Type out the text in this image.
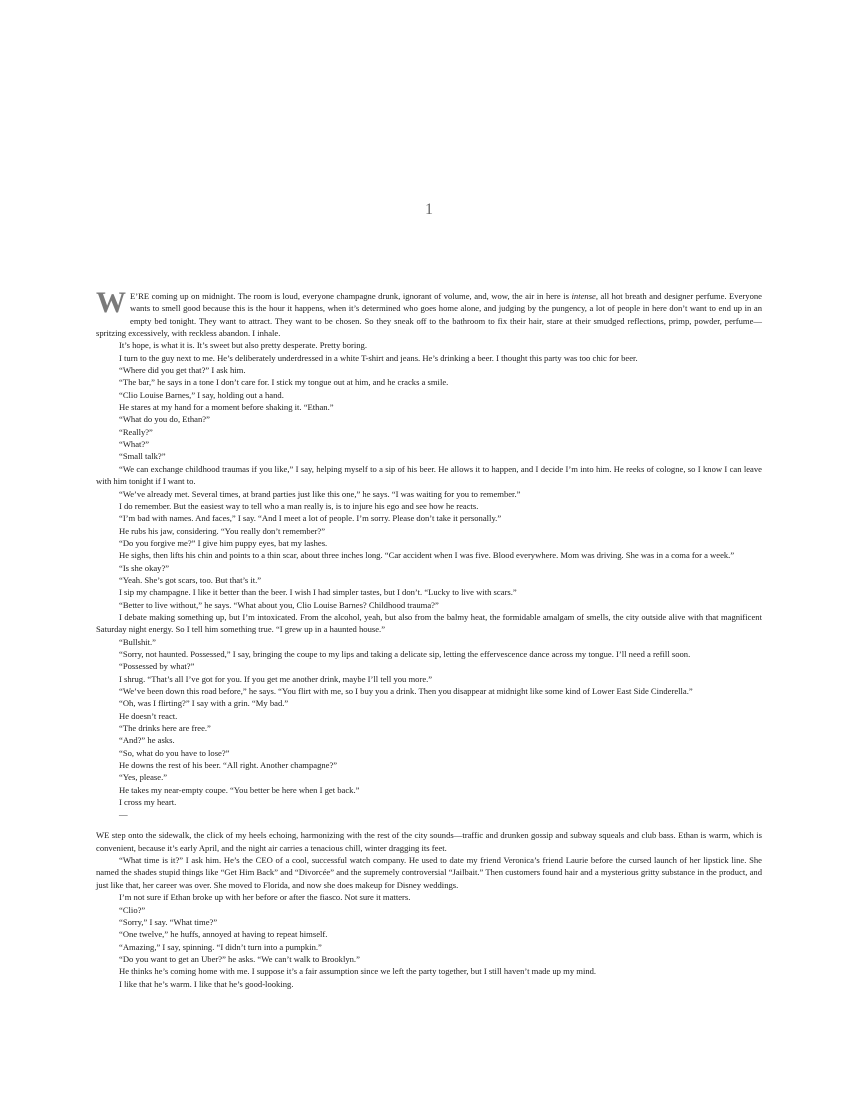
1

W E’RE coming up on midnight. The room is loud, everyone champagne drunk, ignorant of volume, and, wow, the air in here is intense, all hot breath and designer perfume. Everyone wants to smell good because this is the hour it happens, when it’s determined who goes home alone, and judging by the pungency, a lot of people in here don’t want to end up in an empty bed tonight. They want to attract. They want to be chosen. So they sneak off to the bathroom to fix their hair, stare at their smudged reflections, primp, powder, perfume—spritzing excessively, with reckless abandon. I inhale.

It’s hope, is what it is. It’s sweet but also pretty desperate. Pretty boring.

I turn to the guy next to me. He’s deliberately underdressed in a white T-shirt and jeans. He’s drinking a beer. I thought this party was too chic for beer.

“Where did you get that?” I ask him.

“The bar,” he says in a tone I don’t care for. I stick my tongue out at him, and he cracks a smile.

“Clio Louise Barnes,” I say, holding out a hand.

He stares at my hand for a moment before shaking it. “Ethan.”

“What do you do, Ethan?”

“Really?”

“What?”

“Small talk?”

“We can exchange childhood traumas if you like,” I say, helping myself to a sip of his beer. He allows it to happen, and I decide I’m into him. He reeks of cologne, so I know I can leave with him tonight if I want to.

“We’ve already met. Several times, at brand parties just like this one,” he says. “I was waiting for you to remember.”

I do remember. But the easiest way to tell who a man really is, is to injure his ego and see how he reacts.

“I’m bad with names. And faces,” I say. “And I meet a lot of people. I’m sorry. Please don’t take it personally.”

He rubs his jaw, considering. “You really don’t remember?”

“Do you forgive me?” I give him puppy eyes, bat my lashes.

He sighs, then lifts his chin and points to a thin scar, about three inches long. “Car accident when I was five. Blood everywhere. Mom was driving. She was in a coma for a week.”

“Is she okay?”

“Yeah. She’s got scars, too. But that’s it.”

I sip my champagne. I like it better than the beer. I wish I had simpler tastes, but I don’t. “Lucky to live with scars.”

“Better to live without,” he says. “What about you, Clio Louise Barnes? Childhood trauma?”

I debate making something up, but I’m intoxicated. From the alcohol, yeah, but also from the balmy heat, the formidable amalgam of smells, the city outside alive with that magnificent Saturday night energy. So I tell him something true. “I grew up in a haunted house.”

“Bullshit.”

“Sorry, not haunted. Possessed,” I say, bringing the coupe to my lips and taking a delicate sip, letting the effervescence dance across my tongue. I’ll need a refill soon.

“Possessed by what?”

I shrug. “That’s all I’ve got for you. If you get me another drink, maybe I’ll tell you more.”

“We’ve been down this road before,” he says. “You flirt with me, so I buy you a drink. Then you disappear at midnight like some kind of Lower East Side Cinderella.”

“Oh, was I flirting?” I say with a grin. “My bad.”

He doesn’t react.

“The drinks here are free.”

“And?” he asks.

“So, what do you have to lose?”

He downs the rest of his beer. “All right. Another champagne?”

“Yes, please.”

He takes my near-empty coupe. “You better be here when I get back.”

I cross my heart.

—

WE step onto the sidewalk, the click of my heels echoing, harmonizing with the rest of the city sounds—traffic and drunken gossip and subway squeals and club bass. Ethan is warm, which is convenient, because it’s early April, and the night air carries a tenacious chill, winter dragging its feet.

“What time is it?” I ask him. He’s the CEO of a cool, successful watch company. He used to date my friend Veronica’s friend Laurie before the cursed launch of her lipstick line. She named the shades stupid things like “Get Him Back” and “Divorcée” and the supremely controversial “Jailbait.” Then customers found hair and a mysterious gritty substance in the product, and just like that, her career was over. She moved to Florida, and now she does makeup for Disney weddings.

I’m not sure if Ethan broke up with her before or after the fiasco. Not sure it matters.

“Clio?”

“Sorry,” I say. “What time?”

“One twelve,” he huffs, annoyed at having to repeat himself.

“Amazing,” I say, spinning. “I didn’t turn into a pumpkin.”

“Do you want to get an Uber?” he asks. “We can’t walk to Brooklyn.”

He thinks he’s coming home with me. I suppose it’s a fair assumption since we left the party together, but I still haven’t made up my mind.

I like that he’s warm. I like that he’s good-looking.
